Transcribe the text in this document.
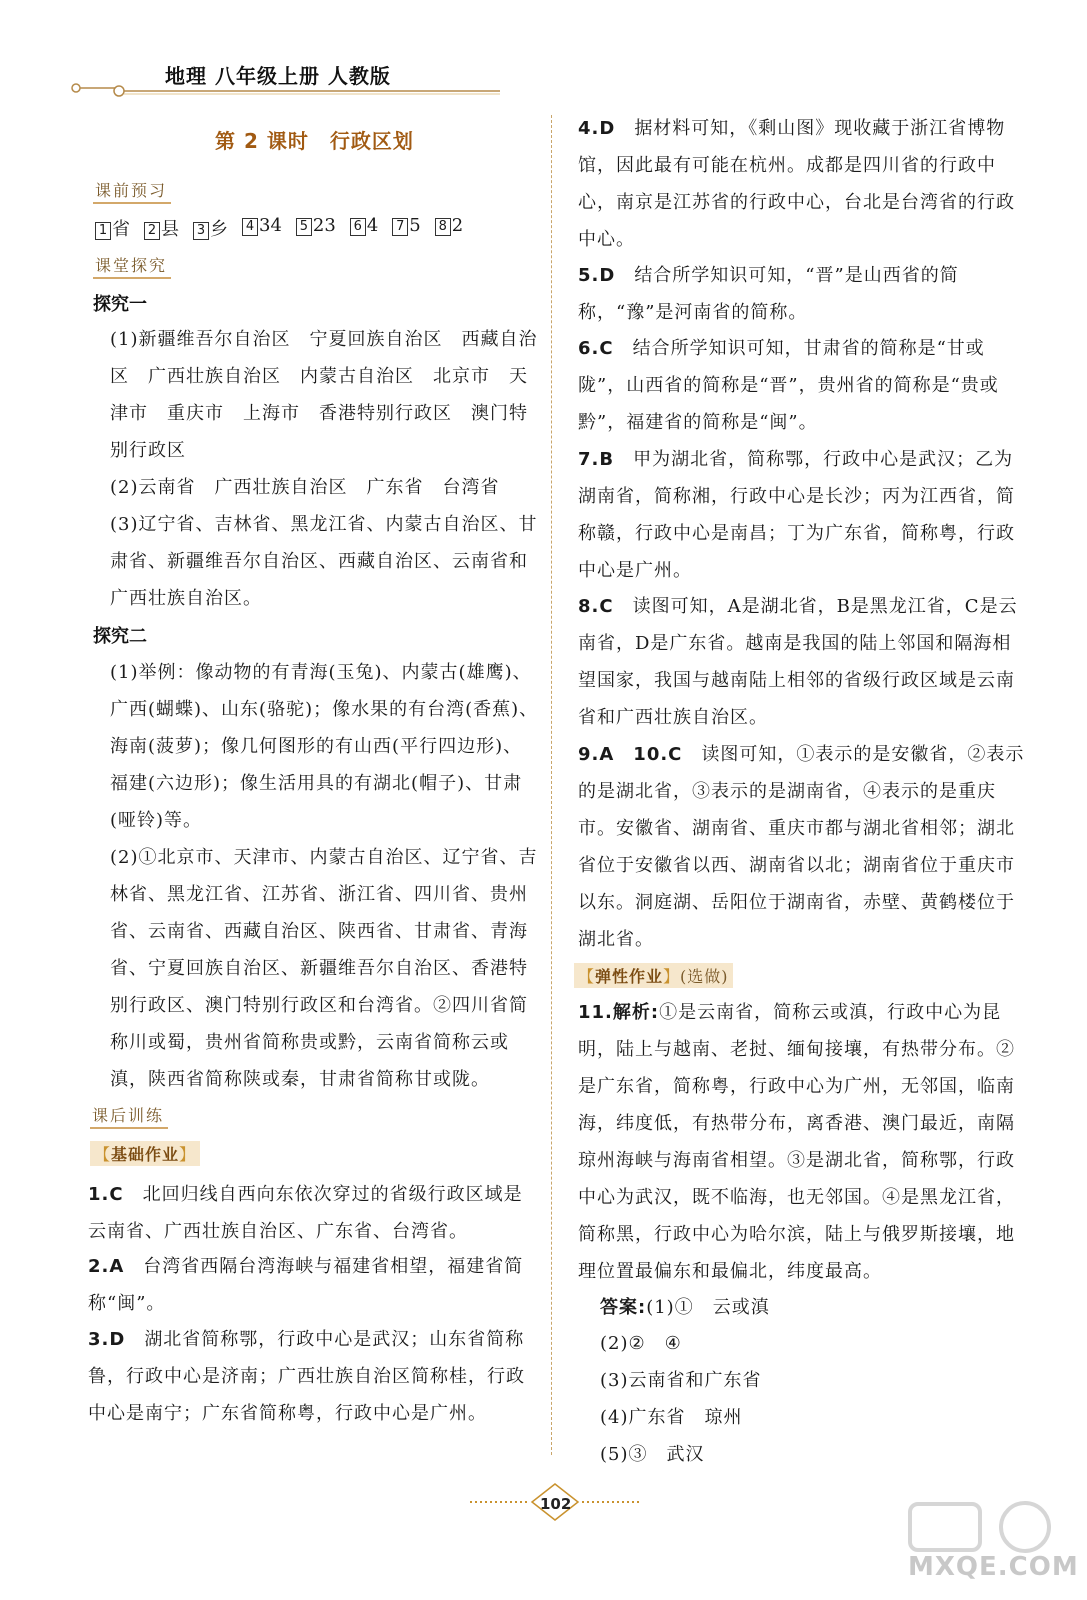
地理 八年级上册 人教版
第 2 课时　行政区划
课前预习
1 省 2 县 3 乡 4 34 5 23 6 4 7 5 8 2
课堂探究
探究一
(1)新疆维吾尔自治区　宁夏回族自治区　西藏自治区　广西壮族自治区　内蒙古自治区　北京市　天津市　重庆市　上海市　香港特别行政区　澳门特别行政区
(2)云南省　广西壮族自治区　广东省　台湾省
(3)辽宁省、吉林省、黑龙江省、内蒙古自治区、甘肃省、新疆维吾尔自治区、西藏自治区、云南省和广西壮族自治区。
探究二
(1)举例：像动物的有青海(玉兔)、内蒙古(雄鹰)、广西(蝴蝶)、山东(骆驼)；像水果的有台湾(香蕉)、海南(菠萝)；像几何图形的有山西(平行四边形)、福建(六边形)；像生活用具的有湖北(帽子)、甘肃(哑铃)等。
(2)①北京市、天津市、内蒙古自治区、辽宁省、吉林省、黑龙江省、江苏省、浙江省、四川省、贵州省、云南省、西藏自治区、陕西省、甘肃省、青海省、宁夏回族自治区、新疆维吾尔自治区、香港特别行政区、澳门特别行政区和台湾省。②四川省简称川或蜀，贵州省简称贵或黔，云南省简称云或滇，陕西省简称陕或秦，甘肃省简称甘或陇。
课后训练
【基础作业】
1.C　 北回归线自西向东依次穿过的省级行政区域是云南省、广西壮族自治区、广东省、台湾省。
2.A　 台湾省西隔台湾海峡与福建省相望，福建省简称“闽”。
3.D　 湖北省简称鄂，行政中心是武汉；山东省简称鲁，行政中心是济南；广西壮族自治区简称桂，行政中心是南宁；广东省简称粤，行政中心是广州。
4.D　 据材料可知，《剩山图》现收藏于浙江省博物馆，因此最有可能在杭州。成都是四川省的行政中心，南京是江苏省的行政中心，台北是台湾省的行政中心。
5.D　 结合所学知识可知，“晋”是山西省的简称，“豫”是河南省的简称。
6.C　 结合所学知识可知，甘肃省的简称是“甘或陇”，山西省的简称是“晋”，贵州省的简称是“贵或黔”，福建省的简称是“闽”。
7.B　 甲为湖北省，简称鄂，行政中心是武汉；乙为湖南省，简称湘，行政中心是长沙；丙为江西省，简称赣，行政中心是南昌；丁为广东省，简称粤，行政中心是广州。
8.C　 读图可知，A是湖北省，B是黑龙江省，C是云南省，D是广东省。越南是我国的陆上邻国和隔海相望国家，我国与越南陆上相邻的省级行政区域是云南省和广西壮族自治区。
9.A　10.C　 读图可知，①表示的是安徽省，②表示的是湖北省，③表示的是湖南省，④表示的是重庆市。安徽省、湖南省、重庆市都与湖北省相邻；湖北省位于安徽省以西、湖南省以北；湖南省位于重庆市以东。洞庭湖、岳阳位于湖南省，赤壁、黄鹤楼位于湖北省。
【弹性作业】(选做)
11.解析:①是云南省，简称云或滇，行政中心为昆明，陆上与越南、老挝、缅甸接壤，有热带分布。②是广东省，简称粤，行政中心为广州，无邻国，临南海，纬度低，有热带分布，离香港、澳门最近，南隔琼州海峡与海南省相望。③是湖北省，简称鄂，行政中心为武汉，既不临海，也无邻国。④是黑龙江省，简称黑，行政中心为哈尔滨，陆上与俄罗斯接壤，地理位置最偏东和最偏北，纬度最高。
答案:(1)①　云或滇
(2)②　④
(3)云南省和广东省
(4)广东省　琼州
(5)③　武汉
102
MXQE.COM
